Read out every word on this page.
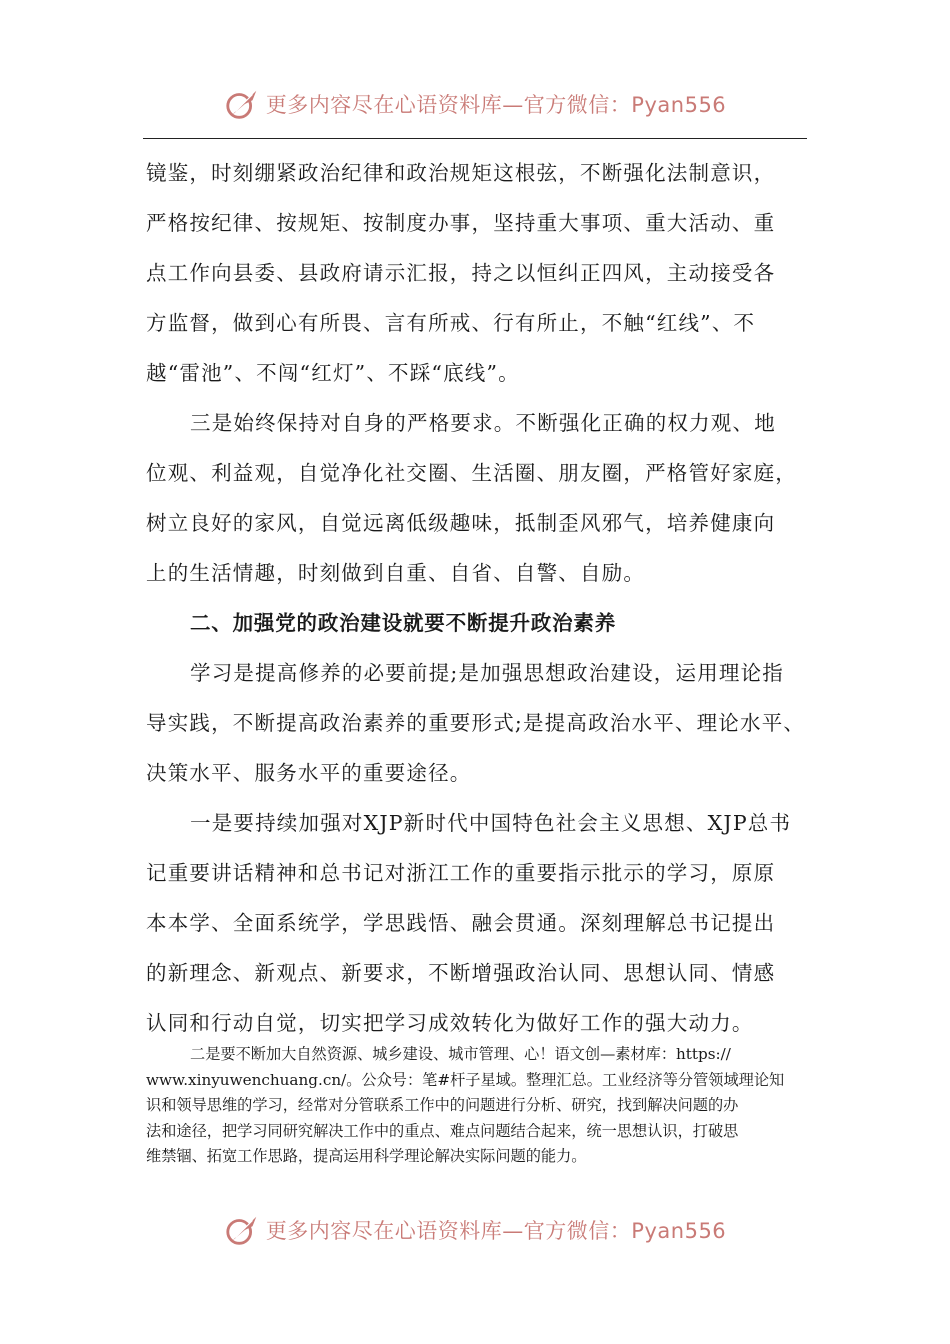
更多内容尽在心语资料库—官方微信：Pyan556
镜鉴，时刻绷紧政治纪律和政治规矩这根弦，不断强化法制意识，
严格按纪律、按规矩、按制度办事，坚持重大事项、重大活动、重
点工作向县委、县政府请示汇报，持之以恒纠正四风，主动接受各
方监督，做到心有所畏、言有所戒、行有所止，不触“红线”、不
越“雷池”、不闯“红灯”、不踩“底线”。
三是始终保持对自身的严格要求。不断强化正确的权力观、地
位观、利益观，自觉净化社交圈、生活圈、朋友圈，严格管好家庭，
树立良好的家风，自觉远离低级趣味，抵制歪风邪气，培养健康向
上的生活情趣，时刻做到自重、自省、自警、自励。
二、加强党的政治建设就要不断提升政治素养
学习是提高修养的必要前提;是加强思想政治建设，运用理论指
导实践，不断提高政治素养的重要形式;是提高政治水平、理论水平、
决策水平、服务水平的重要途径。
一是要持续加强对XJP新时代中国特色社会主义思想、XJP总书
记重要讲话精神和总书记对浙江工作的重要指示批示的学习，原原
本本学、全面系统学，学思践悟、融会贯通。深刻理解总书记提出
的新理念、新观点、新要求，不断增强政治认同、思想认同、情感
认同和行动自觉，切实把学习成效转化为做好工作的强大动力。
二是要不断加大自然资源、城乡建设、城市管理、心！语文创—素材库：https://
www.xinyuwenchuang.cn/。公众号：笔#杆子星域。整理汇总。工业经济等分管领域理论知
识和领导思维的学习，经常对分管联系工作中的问题进行分析、研究，找到解决问题的办
法和途径，把学习同研究解决工作中的重点、难点问题结合起来，统一思想认识，打破思
维禁锢、拓宽工作思路，提高运用科学理论解决实际问题的能力。
更多内容尽在心语资料库—官方微信：Pyan556
